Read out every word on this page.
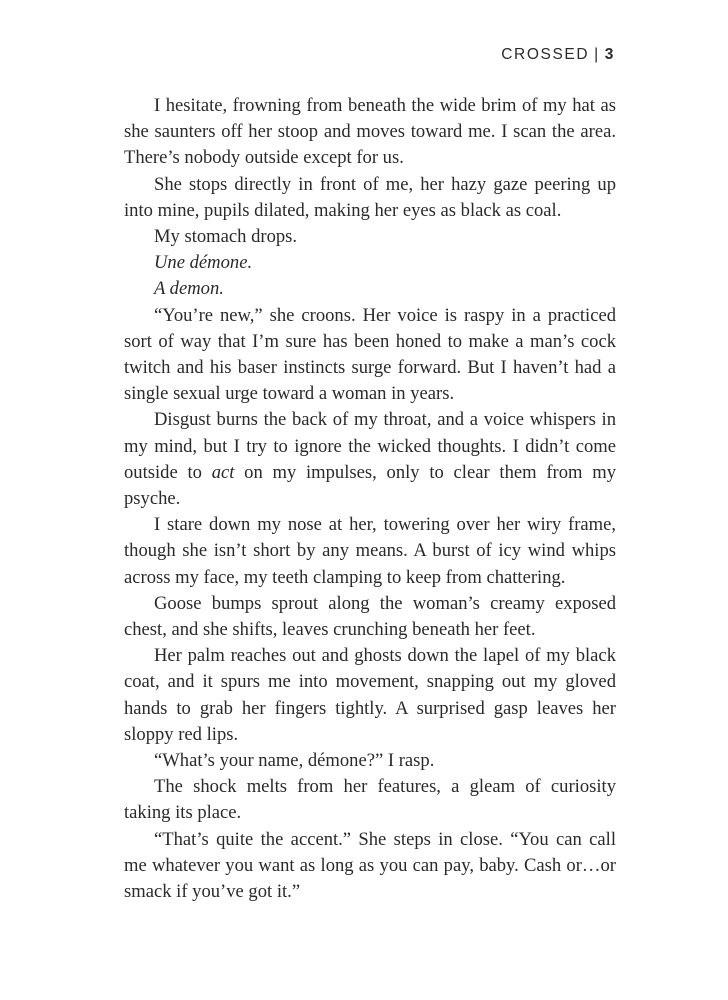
CROSSED | 3

I hesitate, frowning from beneath the wide brim of my hat as she saunters off her stoop and moves toward me. I scan the area. There’s nobody outside except for us.

She stops directly in front of me, her hazy gaze peering up into mine, pupils dilated, making her eyes as black as coal.

My stomach drops.

Une démone.

A demon.

“You’re new,” she croons. Her voice is raspy in a practiced sort of way that I’m sure has been honed to make a man’s cock twitch and his baser instincts surge forward. But I haven’t had a single sexual urge toward a woman in years.

Disgust burns the back of my throat, and a voice whispers in my mind, but I try to ignore the wicked thoughts. I didn’t come outside to act on my impulses, only to clear them from my psyche.

I stare down my nose at her, towering over her wiry frame, though she isn’t short by any means. A burst of icy wind whips across my face, my teeth clamping to keep from chattering.

Goose bumps sprout along the woman’s creamy exposed chest, and she shifts, leaves crunching beneath her feet.

Her palm reaches out and ghosts down the lapel of my black coat, and it spurs me into movement, snapping out my gloved hands to grab her fingers tightly. A surprised gasp leaves her sloppy red lips.

“What’s your name, démone?” I rasp.

The shock melts from her features, a gleam of curiosity taking its place.

“That’s quite the accent.” She steps in close. “You can call me whatever you want as long as you can pay, baby. Cash or…or smack if you’ve got it.”
